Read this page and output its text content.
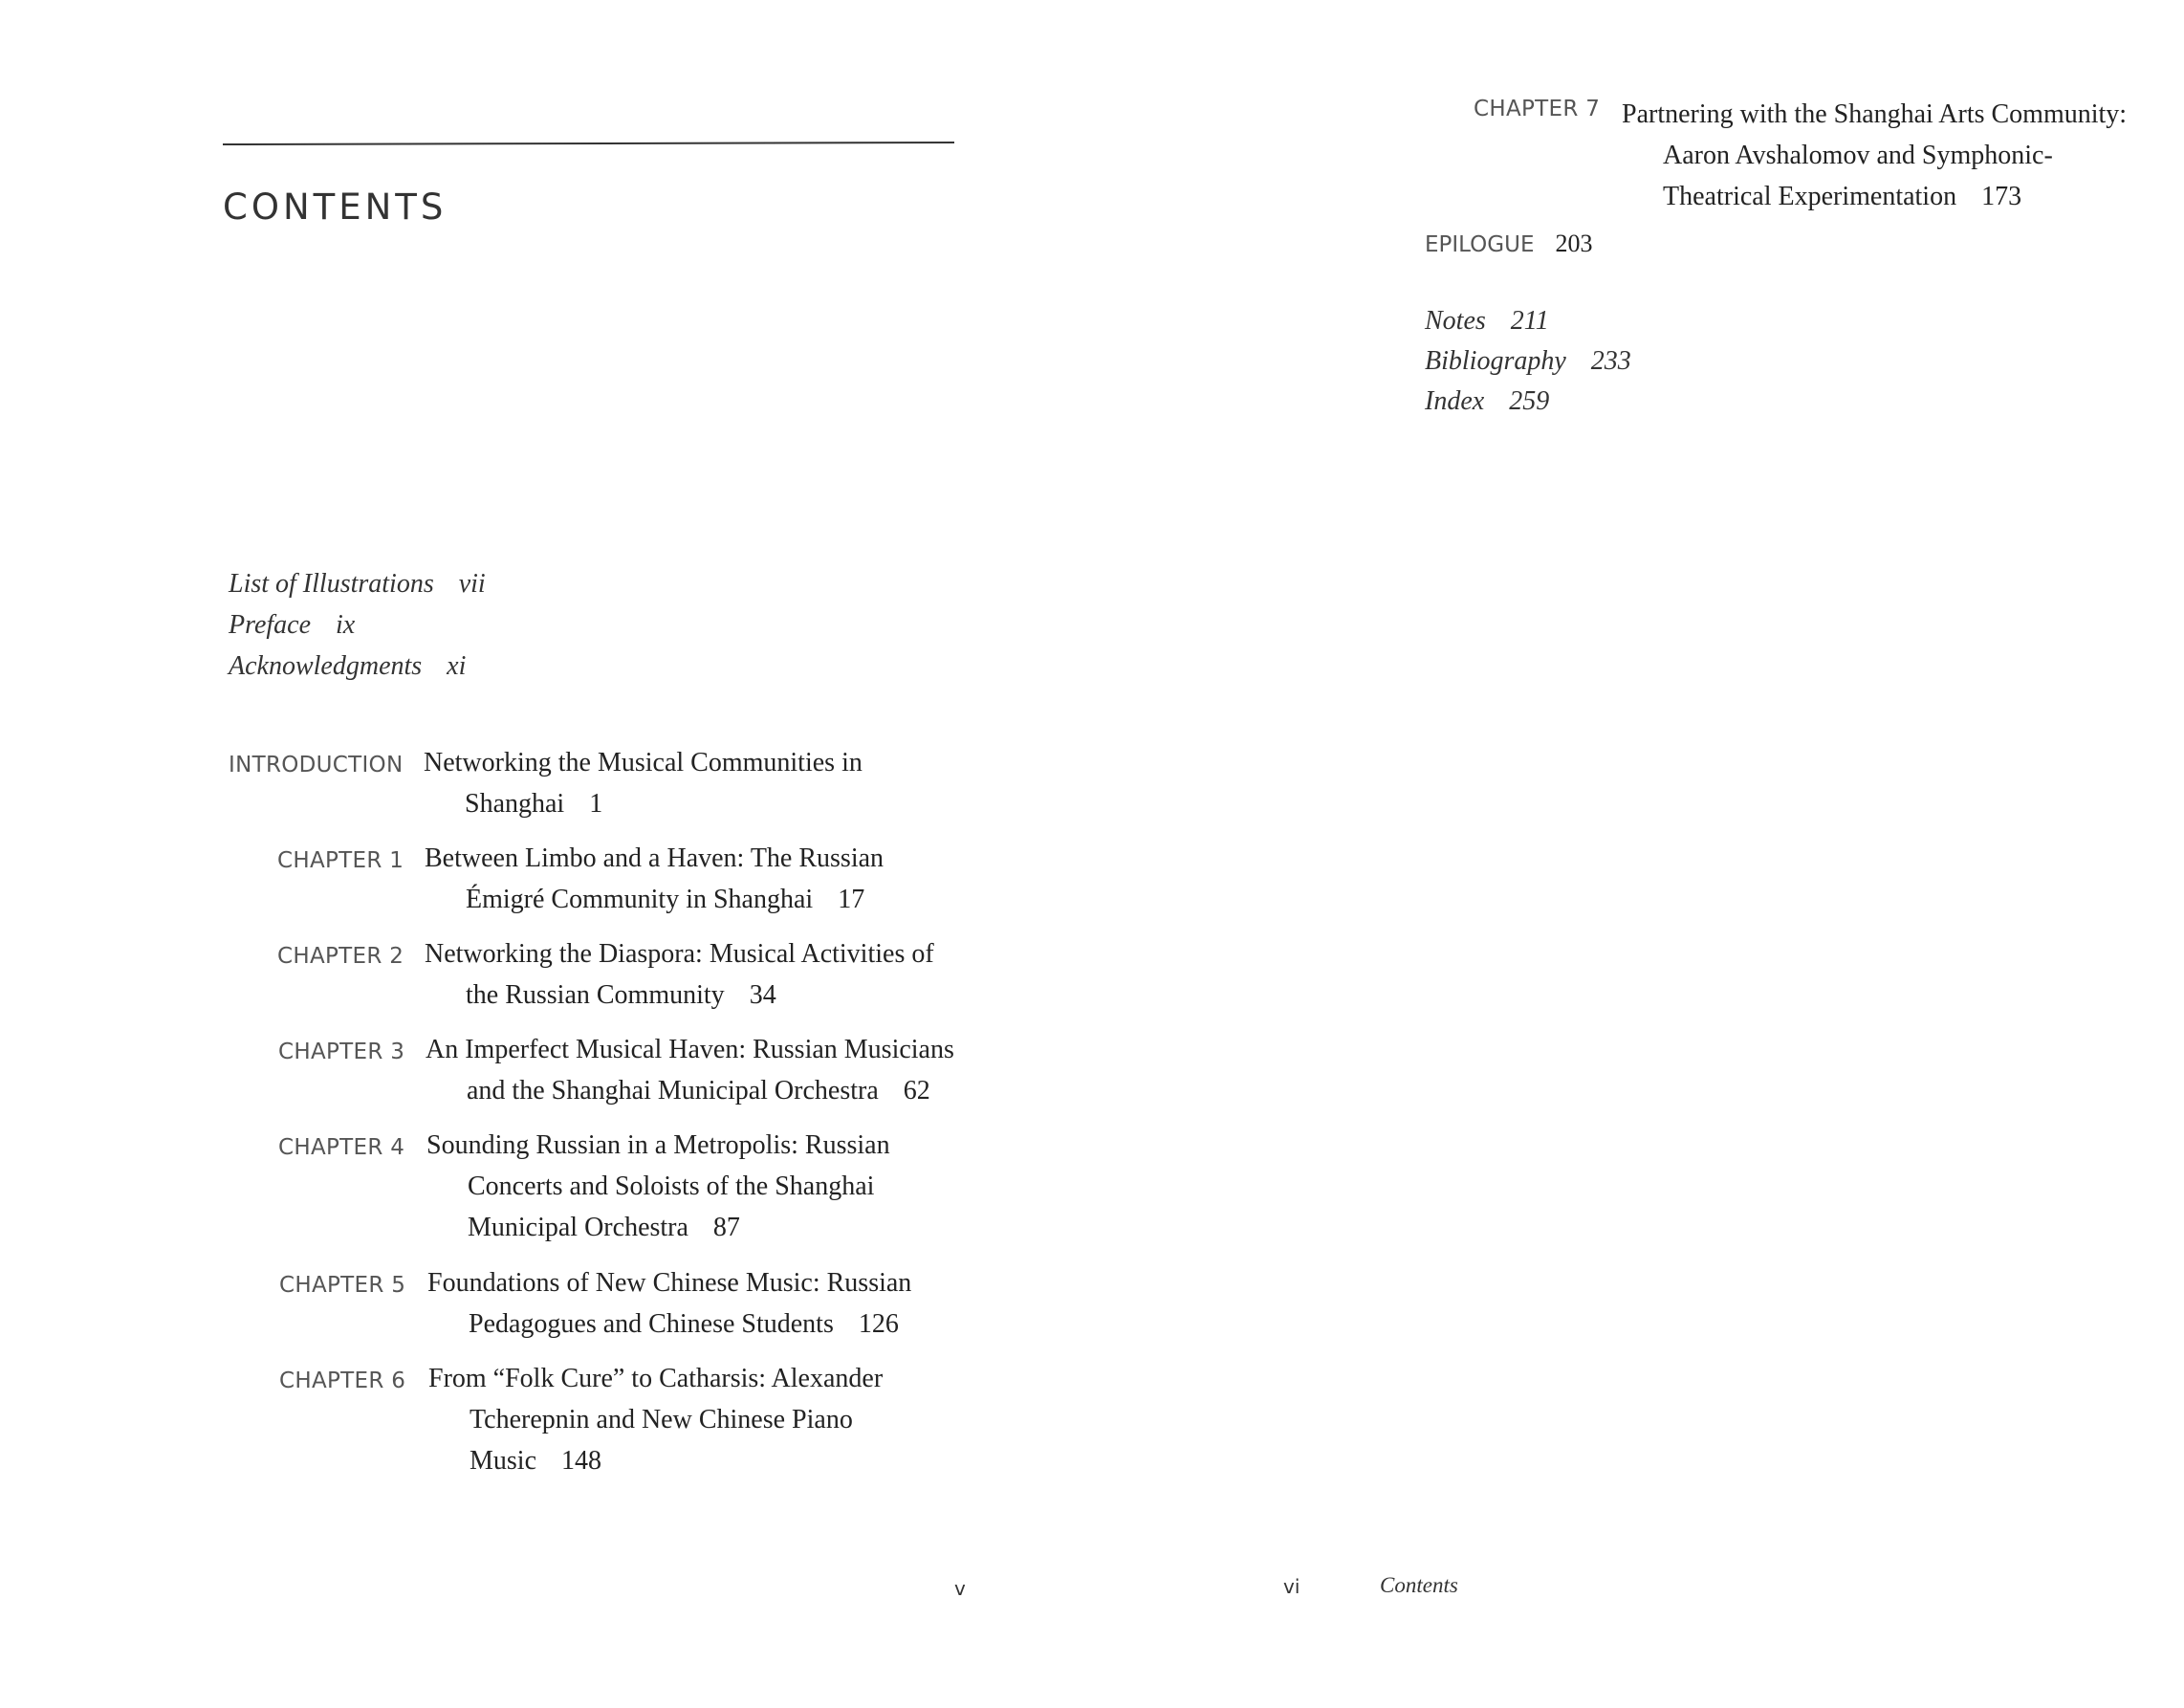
CONTENTS
List of Illustrations vii
Preface ix
Acknowledgments xi
INTRODUCTION Networking the Musical Communities in
Shanghai 1
CHAPTER 1 Between Limbo and a Haven: The Russian
Émigré Community in Shanghai 17
CHAPTER 2 Networking the Diaspora: Musical Activities of
the Russian Community 34
CHAPTER 3 An Imperfect Musical Haven: Russian Musicians
and the Shanghai Municipal Orchestra 62
CHAPTER 4 Sounding Russian in a Metropolis: Russian
Concerts and Soloists of the Shanghai
Municipal Orchestra 87
CHAPTER 5 Foundations of New Chinese Music: Russian
Pedagogues and Chinese Students 126
CHAPTER 6 From “Folk Cure” to Catharsis: Alexander
Tcherepnin and New Chinese Piano
Music 148
v
CHAPTER 7 Partnering with the Shanghai Arts Community:
Aaron Avshalomov and Symphonic-
Theatrical Experimentation 173
EPILOGUE 203
Notes 211
Bibliography 233
Index 259
vi	Contents
